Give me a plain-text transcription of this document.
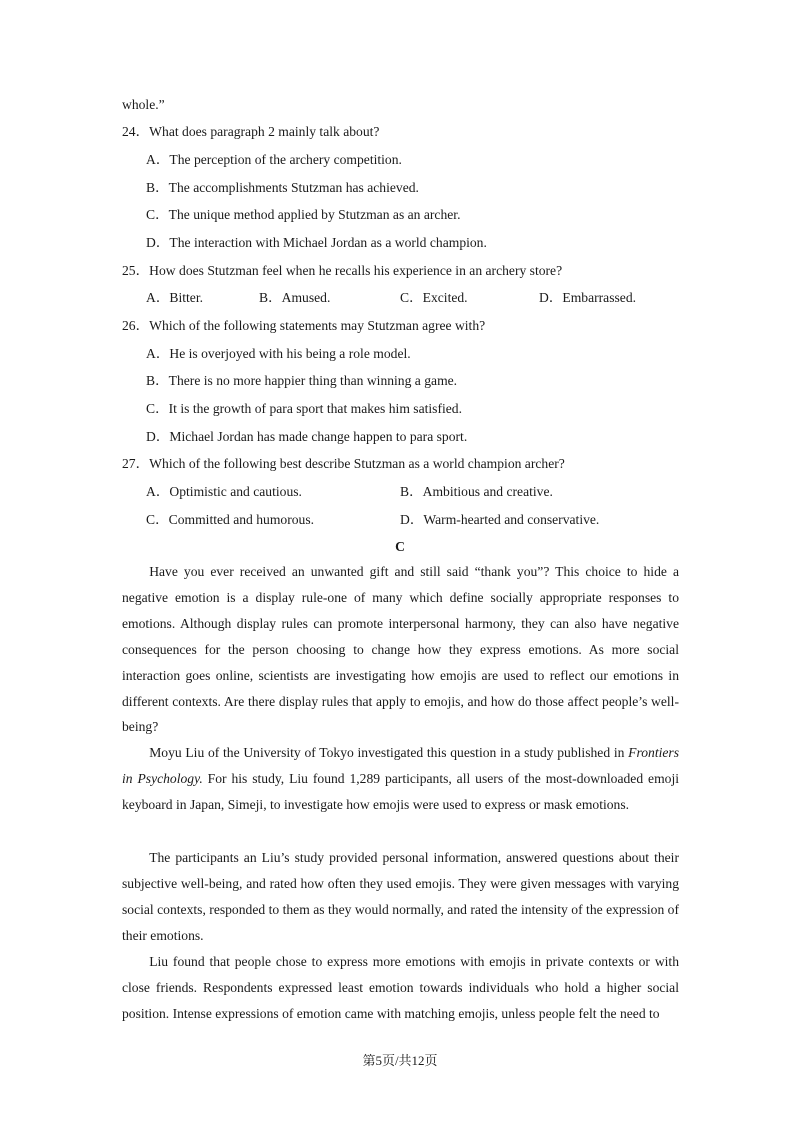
whole.”
24．What does paragraph 2 mainly talk about?
A．The perception of the archery competition.
B．The accomplishments Stutzman has achieved.
C．The unique method applied by Stutzman as an archer.
D．The interaction with Michael Jordan as a world champion.
25．How does Stutzman feel when he recalls his experience in an archery store?
A．Bitter.	B．Amused.	C．Excited.	D．Embarrassed.
26．Which of the following statements may Stutzman agree with?
A．He is overjoyed with his being a role model.
B．There is no more happier thing than winning a game.
C．It is the growth of para sport that makes him satisfied.
D．Michael Jordan has made change happen to para sport.
27．Which of the following best describe Stutzman as a world champion archer?
A．Optimistic and cautious.	B．Ambitious and creative.
C．Committed and humorous.	D．Warm-hearted and conservative.
C
Have you ever received an unwanted gift and still said “thank you”? This choice to hide a negative emotion is a display rule-one of many which define socially appropriate responses to emotions. Although display rules can promote interpersonal harmony, they can also have negative consequences for the person choosing to change how they express emotions. As more social interaction goes online, scientists are investigating how emojis are used to reflect our emotions in different contexts. Are there display rules that apply to emojis, and how do those affect people’s well-being?
Moyu Liu of the University of Tokyo investigated this question in a study published in Frontiers in Psychology. For his study, Liu found 1,289 participants, all users of the most-downloaded emoji keyboard in Japan, Simeji, to investigate how emojis were used to express or mask emotions.
The participants an Liu’s study provided personal information, answered questions about their subjective well-being, and rated how often they used emojis. They were given messages with varying social contexts, responded to them as they would normally, and rated the intensity of the expression of their emotions.
Liu found that people chose to express more emotions with emojis in private contexts or with close friends. Respondents expressed least emotion towards individuals who hold a higher social position. Intense expressions of emotion came with matching emojis, unless people felt the need to
第5页/共12页
